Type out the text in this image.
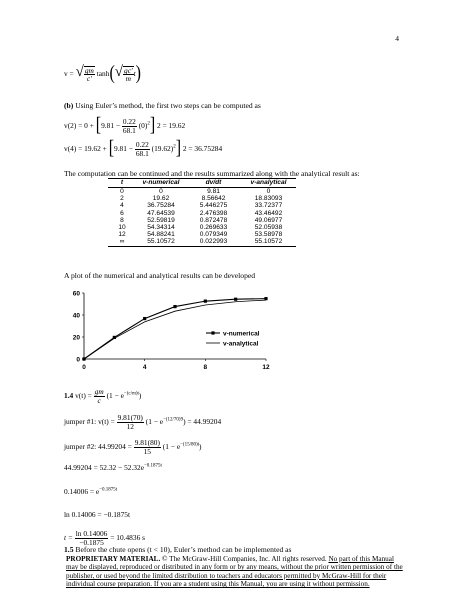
4
v = √ $\frac{gm}{c'} \tanh(√ \frac{gc'}{m} t)$
(b) Using Euler’s method, the first two steps can be computed as
$v(2) = 0 + [9.81 - \frac{0.22}{68.1} (0)^2]$ 2 = 19.62
$v(4) = 19.62 + [9.81 - \frac{0.22}{68.1} (19.62)^2]$ 2 = 36.75284
The computation can be continued and the results summarized along with the analytical result as:
t	v-numerical	dv/dt	v-analytical
0	0	9.81	0
2	19.62	8.56642	18.8309​3
4	36.75284	5.446275	33.72377
6	47.64539	2.476398	43.46492
8	52.59819	0.872478	49.06977
10	54.34314	0.269633	52.05938
12	54.88241	0.079349	53.58978
∞	55.10572	0.022993	55.10572
A plot of the numerical and analytical results can be developed
0
20
40
60
0	4	8	12
v-numerical
v-analytical
1.4 $v(t) = \frac{gm}{c} (1 - e^{-(c/m)t})$
jumper #1: $v(t) = \frac{9.81(70)}{12} (1 - e^{-(12/70)9}) = 44.99204$
jumper #2: $44.99204 = \frac{9.81(80)}{15} (1 - e^{-(15/80)t})$
$44.99204 = 52.32 - 52.32e^{-0.1875t}$
$0.14006 = e^{-0.1875t}$
ln 0.14006 = −0.1875t
$t = \frac{\ln 0.14006}{-0.1875} = 10.4836$ s
1.5 Before the chute opens (t < 10), Euler’s method can be implemented as
PROPRIETARY MATERIAL. © The McGraw-Hill Companies, Inc. All rights reserved. No part of this Manual may be displayed, reproduced or distributed in any form or by any means, without the prior written permission of the publisher, or used beyond the limited distribution to teachers and educators permitted by McGraw-Hill for their individual course preparation. If you are a student using this Manual, you are using it without permission.
